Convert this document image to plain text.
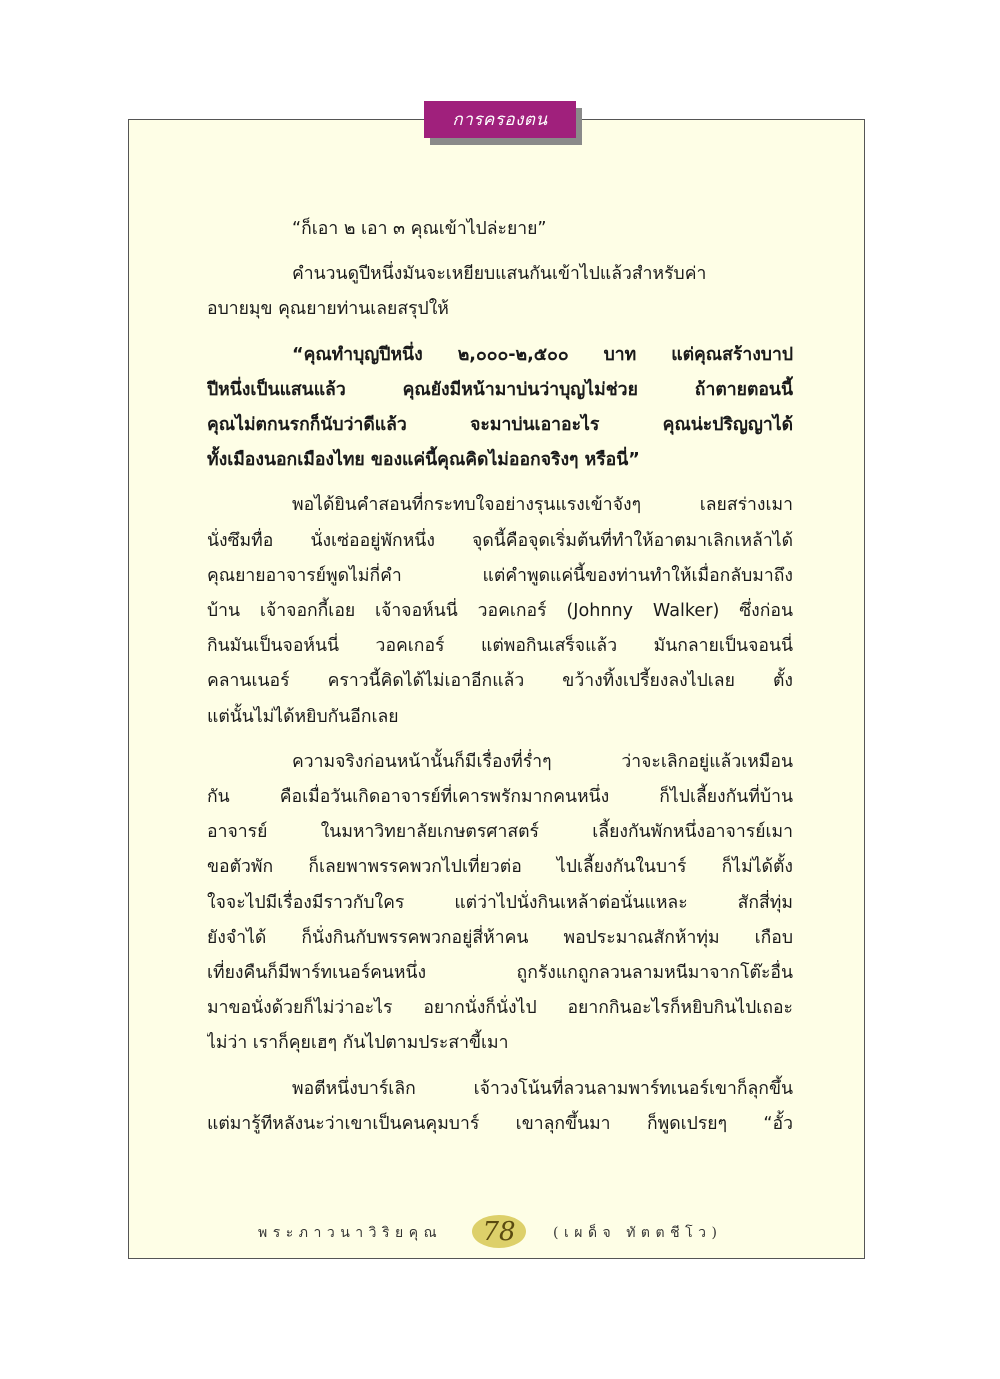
การครองตน
“ก็เอา ๒ เอา ๓ คุณเข้าไปล่ะยาย”
คำนวนดูปีหนึ่งมันจะเหยียบแสนกันเข้าไปแล้วสำหรับค่า
อบายมุข คุณยายท่านเลยสรุปให้
“คุณทำบุญปีหนึ่ง ๒,๐๐๐-๒,๕๐๐ บาท แต่คุณสร้างบาป
ปีหนึ่งเป็นแสนแล้ว คุณยังมีหน้ามาบ่นว่าบุญไม่ช่วย ถ้าตายตอนนี้
คุณไม่ตกนรกก็นับว่าดีแล้ว จะมาบ่นเอาอะไร คุณน่ะปริญญาได้
ทั้งเมืองนอกเมืองไทย ของแค่นี้คุณคิดไม่ออกจริงๆ หรือนี่”
พอได้ยินคำสอนที่กระทบใจอย่างรุนแรงเข้าจังๆ เลยสร่างเมา
นั่งซึมทื่อ นั่งเซ่ออยู่พักหนึ่ง จุดนี้คือจุดเริ่มต้นที่ทำให้อาตมาเลิกเหล้าได้
คุณยายอาจารย์พูดไม่กี่คำ แต่คำพูดแค่นี้ของท่านทำให้เมื่อกลับมาถึง
บ้าน เจ้าจอกกี้เอย เจ้าจอห์นนี่ วอคเกอร์ (Johnny Walker) ซึ่งก่อน
กินมันเป็นจอห์นนี่ วอคเกอร์ แต่พอกินเสร็จแล้ว มันกลายเป็นจอนนี่
คลานเนอร์ คราวนี้คิดได้ไม่เอาอีกแล้ว ขว้างทิ้งเปรี้ยงลงไปเลย ตั้ง
แต่นั้นไม่ได้หยิบกันอีกเลย
ความจริงก่อนหน้านั้นก็มีเรื่องที่ร่ำๆ ว่าจะเลิกอยู่แล้วเหมือน
กัน คือเมื่อวันเกิดอาจารย์ที่เคารพรักมากคนหนึ่ง ก็ไปเลี้ยงกันที่บ้าน
อาจารย์ ในมหาวิทยาลัยเกษตรศาสตร์ เลี้ยงกันพักหนึ่งอาจารย์เมา
ขอตัวพัก ก็เลยพาพรรคพวกไปเที่ยวต่อ ไปเลี้ยงกันในบาร์ ก็ไม่ได้ตั้ง
ใจจะไปมีเรื่องมีราวกับใคร แต่ว่าไปนั่งกินเหล้าต่อนั่นแหละ สักสี่ทุ่ม
ยังจำได้ ก็นั่งกินกับพรรคพวกอยู่สี่ห้าคน พอประมาณสักห้าทุ่ม เกือบ
เที่ยงคืนก็มีพาร์ทเนอร์คนหนึ่ง ถูกรังแกถูกลวนลามหนีมาจากโต๊ะอื่น
มาขอนั่งด้วยก็ไม่ว่าอะไร อยากนั่งก็นั่งไป อยากกินอะไรก็หยิบกินไปเถอะ
ไม่ว่า เราก็คุยเฮๆ กันไปตามประสาขี้เมา
พอตีหนึ่งบาร์เลิก เจ้าวงโน้นที่ลวนลามพาร์ทเนอร์เขาก็ลุกขึ้น
แต่มารู้ทีหลังนะว่าเขาเป็นคนคุมบาร์ เขาลุกขึ้นมา ก็พูดเปรยๆ “อั้ว
พระภาวนาวิริยคุณ	78	(เผด็จ ทัตตชีโว)
